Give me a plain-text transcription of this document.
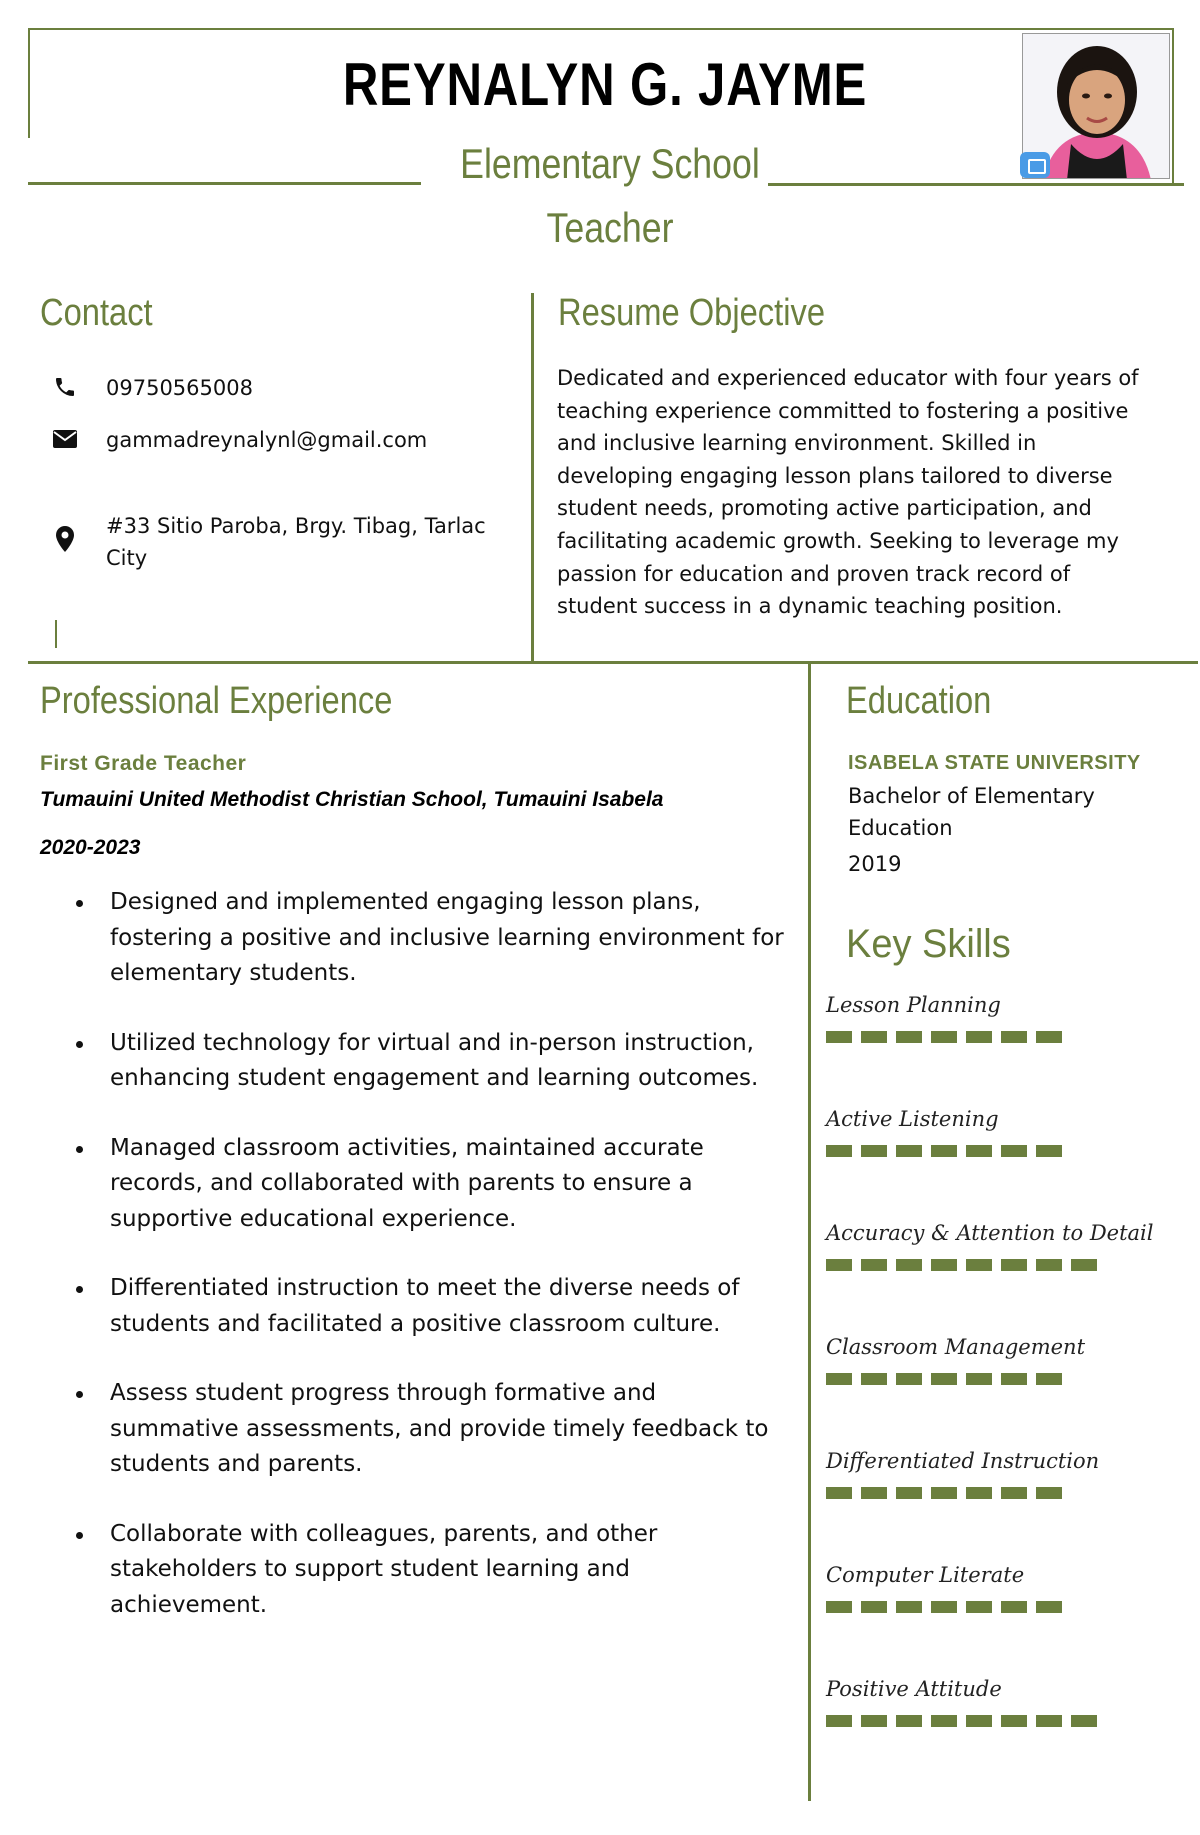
REYNALYN G. JAYME
Elementary School
Teacher
Contact
09750565008
gammadreynalynl@gmail.com
#33 Sitio Paroba, Brgy. Tibag, Tarlac City
Resume Objective
Dedicated and experienced educator with four years of teaching experience committed to fostering a positive and inclusive learning environment. Skilled in developing engaging lesson plans tailored to diverse student needs, promoting active participation, and facilitating academic growth. Seeking to leverage my passion for education and proven track record of student success in a dynamic teaching position.
Professional Experience
First Grade Teacher
Tumauini United Methodist Christian School, Tumauini Isabela
2020-2023
Designed and implemented engaging lesson plans, fostering a positive and inclusive learning environment for elementary students.
Utilized technology for virtual and in-person instruction, enhancing student engagement and learning outcomes.
Managed classroom activities, maintained accurate records, and collaborated with parents to ensure a supportive educational experience.
Differentiated instruction to meet the diverse needs of students and facilitated a positive classroom culture.
Assess student progress through formative and summative assessments, and provide timely feedback to students and parents.
Collaborate with colleagues, parents, and other stakeholders to support student learning and achievement.
Education
ISABELA STATE UNIVERSITY
Bachelor of Elementary Education
2019
Key Skills
Lesson Planning
Active Listening
Accuracy & Attention to Detail
Classroom Management
Differentiated Instruction
Computer Literate
Positive Attitude
